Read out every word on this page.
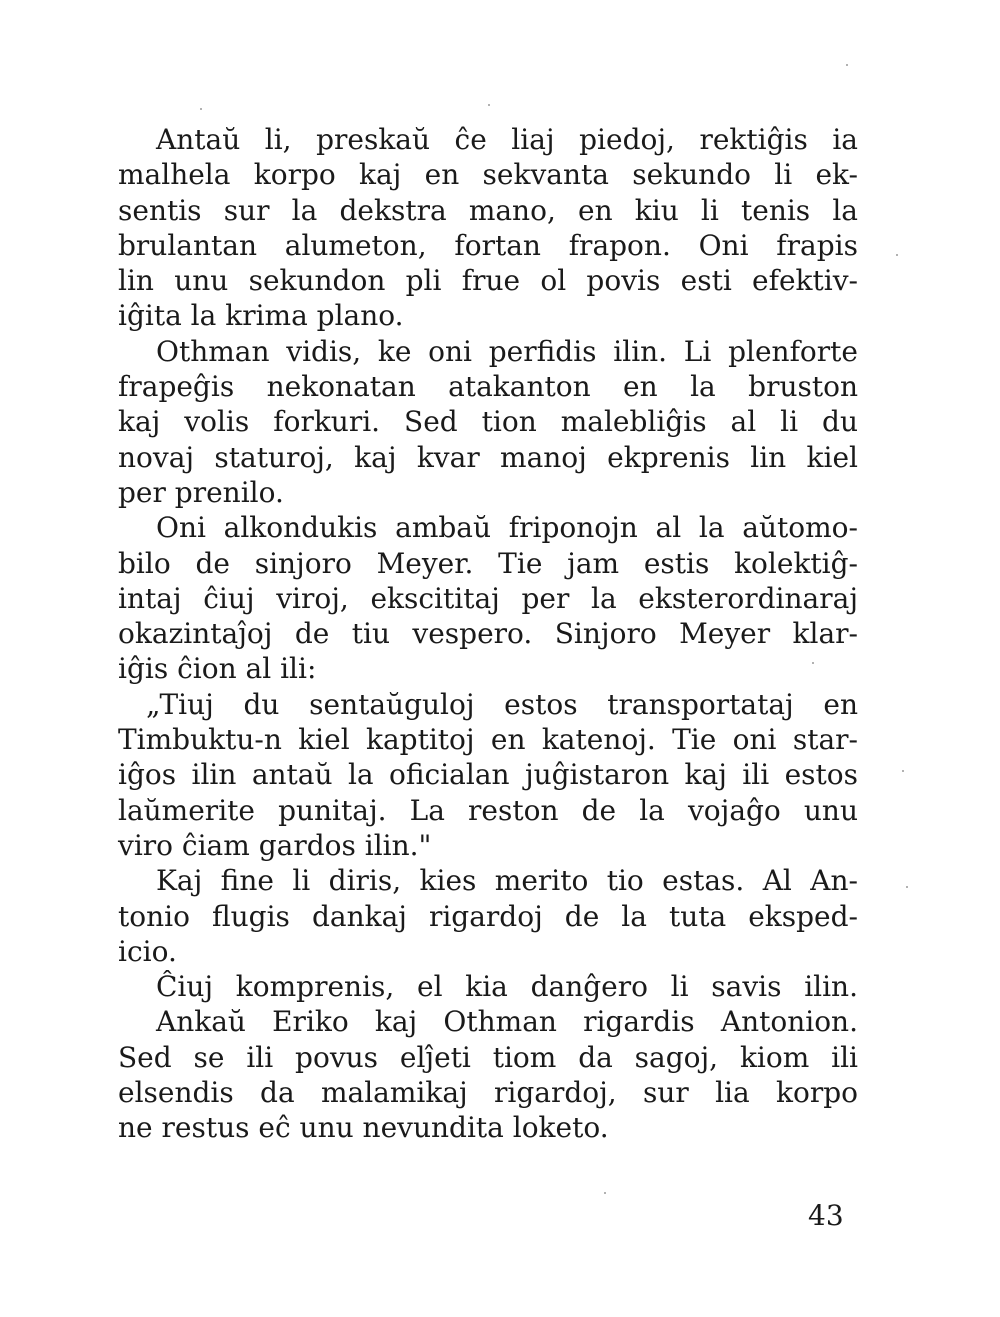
Antaŭ li, preskaŭ ĉe liaj piedoj, rektiĝis ia
malhela korpo kaj en sekvanta sekundo li ek-
sentis sur la dekstra mano, en kiu li tenis la
brulantan alumeton, fortan frapon. Oni frapis
lin unu sekundon pli frue ol povis esti efektiv-
iĝita la krima plano.
Othman vidis, ke oni perfidis ilin. Li plenforte
frapeĝis nekonatan atakanton en la bruston
kaj volis forkuri. Sed tion malebliĝis al li du
novaj staturoj, kaj kvar manoj ekprenis lin kiel
per prenilo.
Oni alkondukis ambaŭ friponojn al la aŭtomo-
bilo de sinjoro Meyer. Tie jam estis kolektiĝ-
intaj ĉiuj viroj, ekscititaj per la eksterordinaraj
okazintaĵoj de tiu vespero. Sinjoro Meyer klar-
iĝis ĉion al ili:
„Tiuj du sentaŭguloj estos transportataj en
Timbuktu-n kiel kaptitoj en katenoj. Tie oni star-
iĝos ilin antaŭ la oficialan juĝistaron kaj ili estos
laŭmerite punitaj. La reston de la vojaĝo unu
viro ĉiam gardos ilin."
Kaj fine li diris, kies merito tio estas. Al An-
tonio flugis dankaj rigardoj de la tuta eksped-
icio.
Ĉiuj komprenis, el kia danĝero li savis ilin.
Ankaŭ Eriko kaj Othman rigardis Antonion.
Sed se ili povus elĵeti tiom da sagoj, kiom ili
elsendis da malamikaj rigardoj, sur lia korpo
ne restus eĉ unu nevundita loketo.
43
